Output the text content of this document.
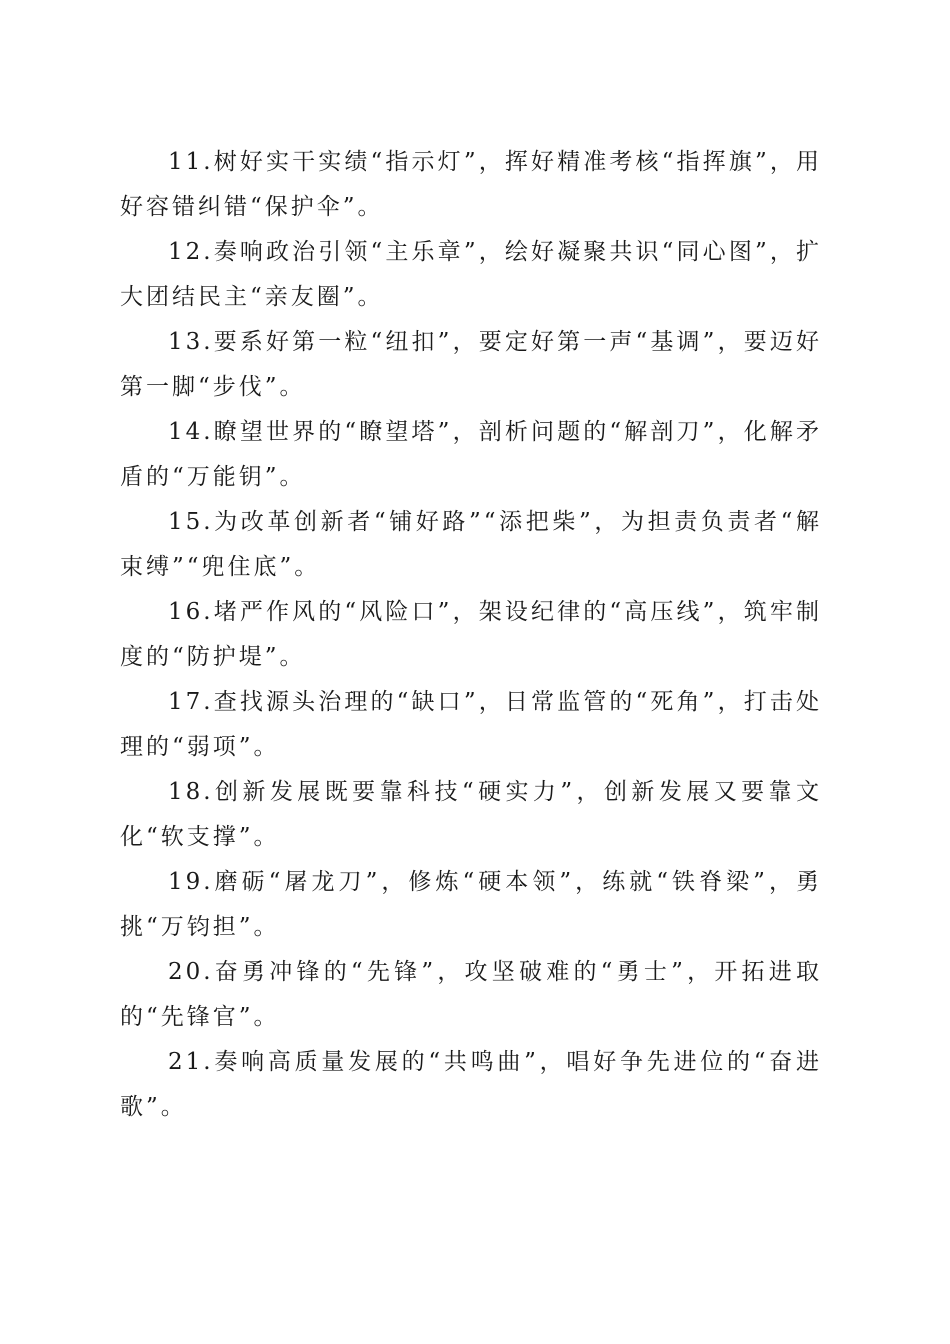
11.树好实干实绩“指示灯”，挥好精准考核“指挥旗”，用好容错纠错“保护伞”。

12.奏响政治引领“主乐章”，绘好凝聚共识“同心图”，扩大团结民主“亲友圈”。

13.要系好第一粒“纽扣”，要定好第一声“基调”，要迈好第一脚“步伐”。

14.瞭望世界的“瞭望塔”，剖析问题的“解剖刀”，化解矛盾的“万能钥”。

15.为改革创新者“铺好路”“添把柴”，为担责负责者“解束缚”“兜住底”。

16.堵严作风的“风险口”，架设纪律的“高压线”，筑牢制度的“防护堤”。

17.查找源头治理的“缺口”，日常监管的“死角”，打击处理的“弱项”。

18.创新发展既要靠科技“硬实力”，创新发展又要靠文化“软支撑”。

19.磨砺“屠龙刀”，修炼“硬本领”，练就“铁脊梁”，勇挑“万钧担”。

20.奋勇冲锋的“先锋”，攻坚破难的“勇士”，开拓进取的“先锋官”。

21.奏响高质量发展的“共鸣曲”，唱好争先进位的“奋进歌”。
